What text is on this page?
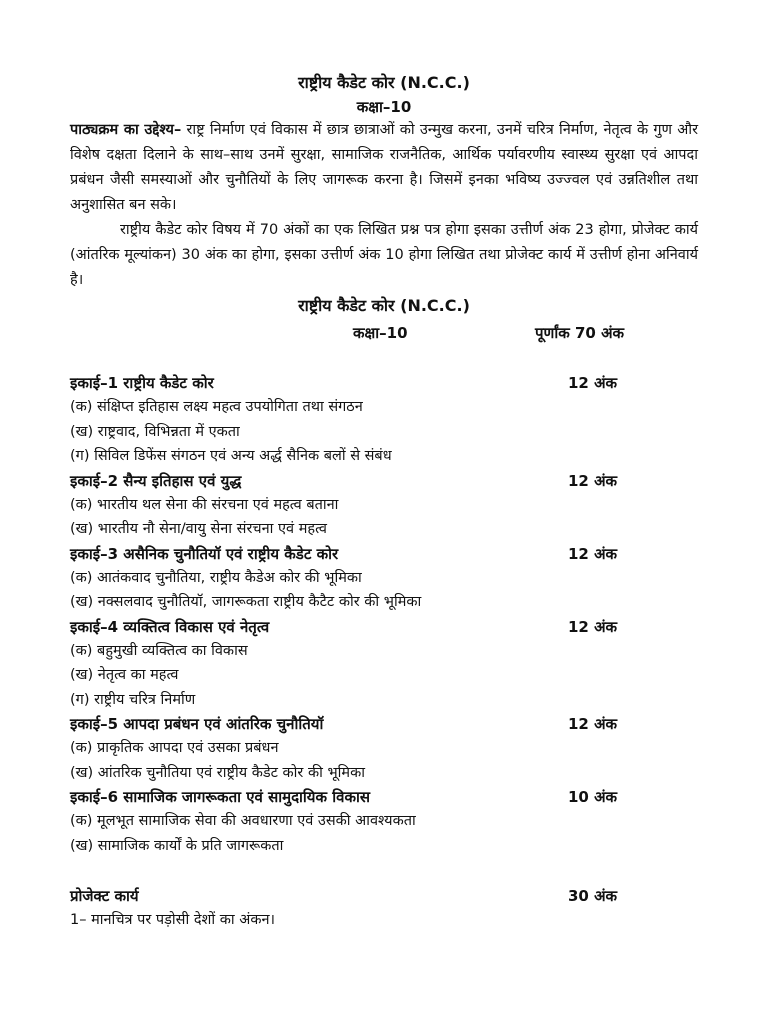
राष्ट्रीय कैडेट कोर (N.C.C.)
कक्षा–10

पाठ्यक्रम का उद्देश्य– राष्ट्र निर्माण एवं विकास में छात्र छात्राओं को उन्मुख करना, उनमें चरित्र निर्माण, नेतृत्व के गुण और विशेष दक्षता दिलाने के साथ–साथ उनमें सुरक्षा, सामाजिक राजनैतिक, आर्थिक पर्यावरणीय स्वास्थ्य सुरक्षा एवं आपदा प्रबंधन जैसी समस्याओं और चुनौतियों के लिए जागरूक करना है। जिसमें इनका भविष्य उज्ज्वल एवं उन्नतिशील तथा अनुशासित बन सके।

राष्ट्रीय कैडेट कोर विषय में 70 अंकों का एक लिखित प्रश्न पत्र होगा इसका उत्तीर्ण अंक 23 होगा, प्रोजेक्ट कार्य (आंतरिक मूल्यांकन) 30 अंक का होगा, इसका उत्तीर्ण अंक 10 होगा लिखित तथा प्रोजेक्ट कार्य में उत्तीर्ण होना अनिवार्य है।

राष्ट्रीय कैडेट कोर (N.C.C.)
कक्षा–10	पूर्णांक 70 अंक
इकाई–1 राष्ट्रीय कैडेट कोर	12 अंक
(क) संक्षिप्त इतिहास लक्ष्य महत्व उपयोगिता तथा संगठन
(ख) राष्ट्रवाद, विभिन्नता में एकता
(ग) सिविल डिफेंस संगठन एवं अन्य अर्द्ध सैनिक बलों से संबंध
इकाई–2 सैन्य इतिहास एवं युद्ध	12 अंक
(क) भारतीय थल सेना की संरचना एवं महत्व बताना
(ख) भारतीय नौ सेना/वायु सेना संरचना एवं महत्व
इकाई–3 असैनिक चुनौतियॉ एवं राष्ट्रीय कैडेट कोर	12 अंक
(क) आतंकवाद चुनौतिया, राष्ट्रीय कैडेअ कोर की भूमिका
(ख) नक्सलवाद चुनौतियॉ, जागरूकता राष्ट्रीय कैटैट कोर की भूमिका
इकाई–4 व्यक्तित्व विकास एवं नेतृत्व	12 अंक
(क) बहुमुखी व्यक्तित्व का विकास
(ख) नेतृत्व का महत्व
(ग) राष्ट्रीय चरित्र निर्माण
इकाई–5 आपदा प्रबंधन एवं आंतरिक चुनौतियॉ	12 अंक
(क) प्राकृतिक आपदा एवं उसका प्रबंधन
(ख) आंतरिक चुनौतिया एवं राष्ट्रीय कैडेट कोर की भूमिका
इकाई–6 सामाजिक जागरूकता एवं सामुदायिक विकास	10 अंक
(क) मूलभूत सामाजिक सेवा की अवधारणा एवं उसकी आवश्यकता
(ख) सामाजिक कार्यों के प्रति जागरूकता
प्रोजेक्ट कार्य	30 अंक
1– मानचित्र पर पड़ोसी देशों का अंकन।
